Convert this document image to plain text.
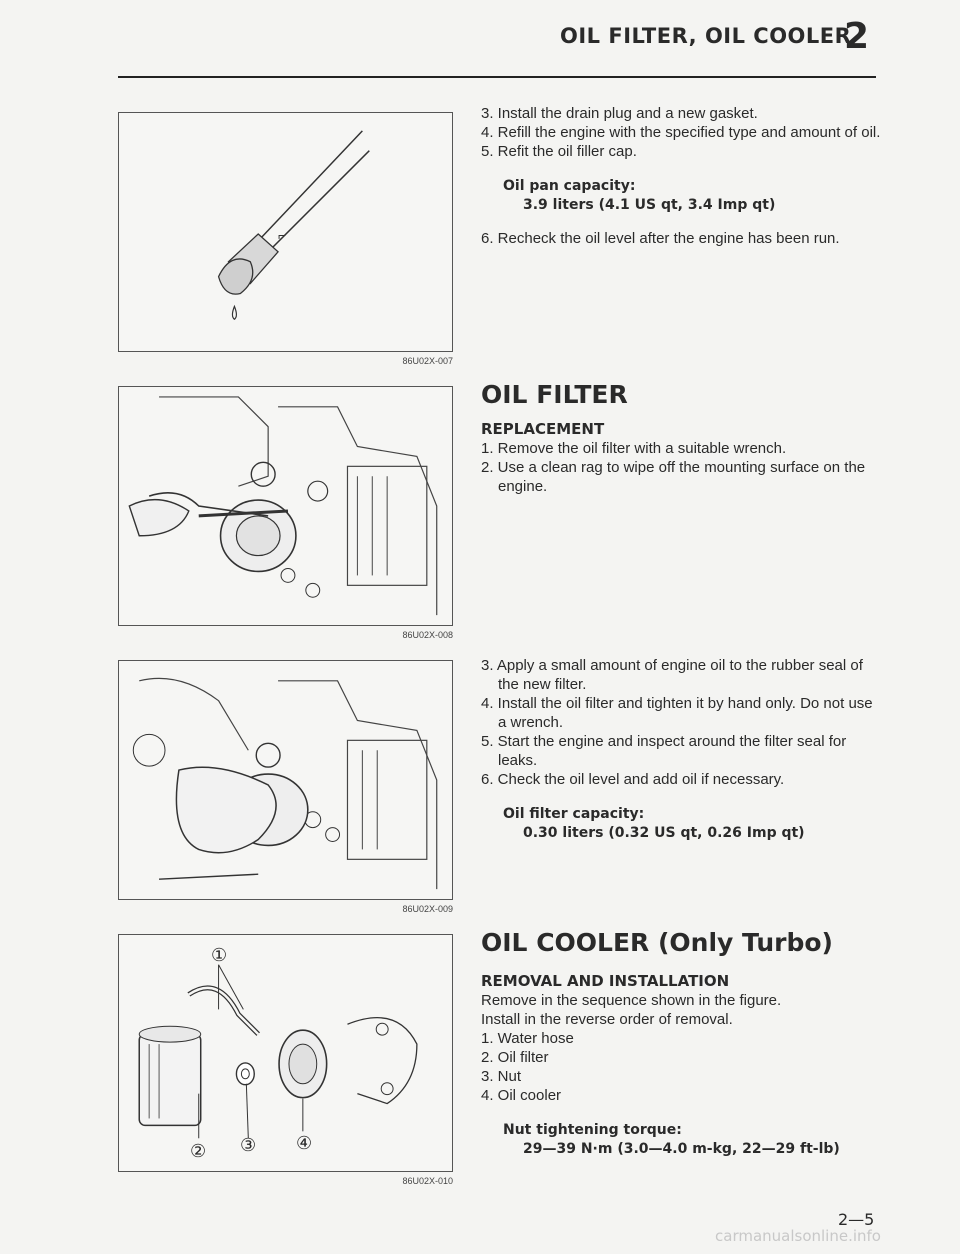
OIL FILTER, OIL COOLER
2
⌐
86U02X-007
86U02X-008
86U02X-009
①
② ③ ④
86U02X-010

3. Install the drain plug and a new gasket.

4. Refill the engine with the specified type and amount of oil.

5. Refit the oil filler cap.

Oil pan capacity:
3.9 liters (4.1 US qt, 3.4 Imp qt)

6. Recheck the oil level after the engine has been run.

OIL FILTER

REPLACEMENT

1. Remove the oil filter with a suitable wrench.

2. Use a clean rag to wipe off the mounting surface on the engine.

3. Apply a small amount of engine oil to the rubber seal of the new filter.

4. Install the oil filter and tighten it by hand only. Do not use a wrench.

5. Start the engine and inspect around the filter seal for leaks.

6. Check the oil level and add oil if necessary.

Oil filter capacity:
0.30 liters (0.32 US qt, 0.26 Imp qt)
OIL COOLER (Only Turbo)

REMOVAL AND INSTALLATION

Remove in the sequence shown in the figure.

Install in the reverse order of removal.

1. Water hose

2. Oil filter

3. Nut

4. Oil cooler

Nut tightening torque:
29—39 N·m (3.0—4.0 m-kg, 22—29 ft-lb)
2—5
carmanualsonline.info
